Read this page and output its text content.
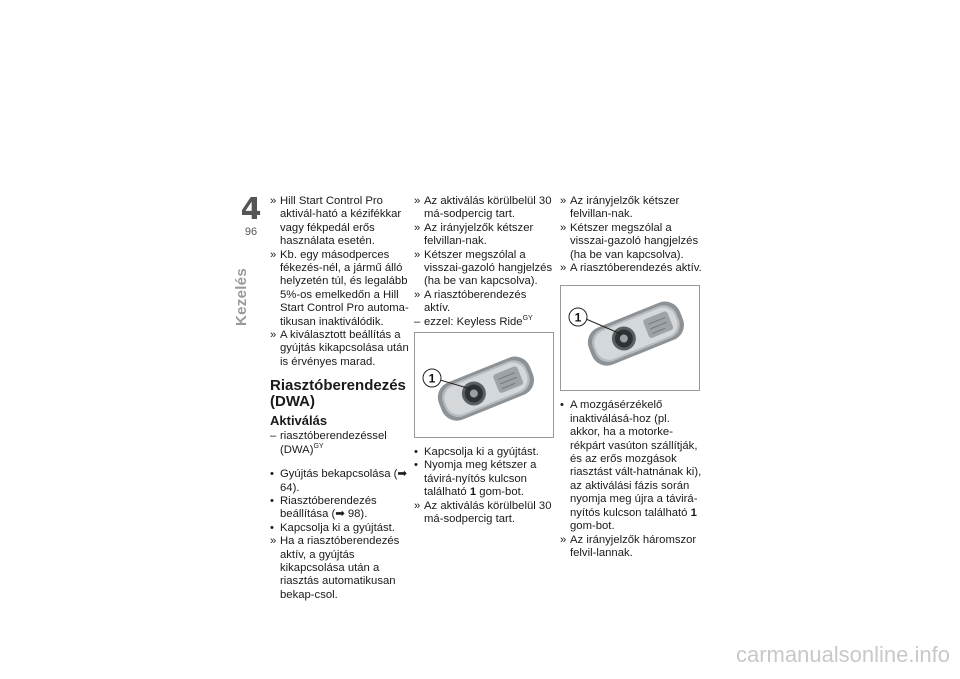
4
96
Kezelés
» Hill Start Control Pro aktivál-ható a kézifékkar vagy fékpedál erős használata esetén.
» Kb. egy másodperces fékezés-nél, a jármű álló helyzetén túl, és legalább 5%-os emelkedőn a Hill Start Control Pro automa-tikusan inaktiválódik.
» A kiválasztott beállítás a gyújtás kikapcsolása után is érvényes marad.
Riasztóberendezés (DWA)
Aktiválás
– riasztóberendezéssel (DWA)$^{GY}$
• Gyújtás bekapcsolása (➡ 64).
• Riasztóberendezés beállítása (➡ 98).
• Kapcsolja ki a gyújtást.
» Ha a riasztóberendezés aktív, a gyújtás kikapcsolása után a riasztás automatikusan bekap-csol.
» Az aktiválás körülbelül 30 má-sodpercig tart.
» Az irányjelzők kétszer felvillan-nak.
» Kétszer megszólal a visszai-gazoló hangjelzés (ha be van kapcsolva).
» A riasztóberendezés aktív.
– ezzel: Keyless Ride$^{GY}$
1
• Kapcsolja ki a gyújtást.
• Nyomja meg kétszer a távirá-nyítós kulcson található 1 gom-bot.
» Az aktiválás körülbelül 30 má-sodpercig tart.
» Az irányjelzők kétszer felvillan-nak.
» Kétszer megszólal a visszai-gazoló hangjelzés (ha be van kapcsolva).
» A riasztóberendezés aktív.
1
• A mozgásérzékelő inaktiválásá-hoz (pl. akkor, ha a motorke-rékpárt vasúton szállítják, és az erős mozgások riasztást vált-hatnának ki), az aktiválási fázis során nyomja meg újra a távirá-nyítós kulcson található 1 gom-bot.
» Az irányjelzők háromszor felvil-lannak.
carmanualsonline.info
